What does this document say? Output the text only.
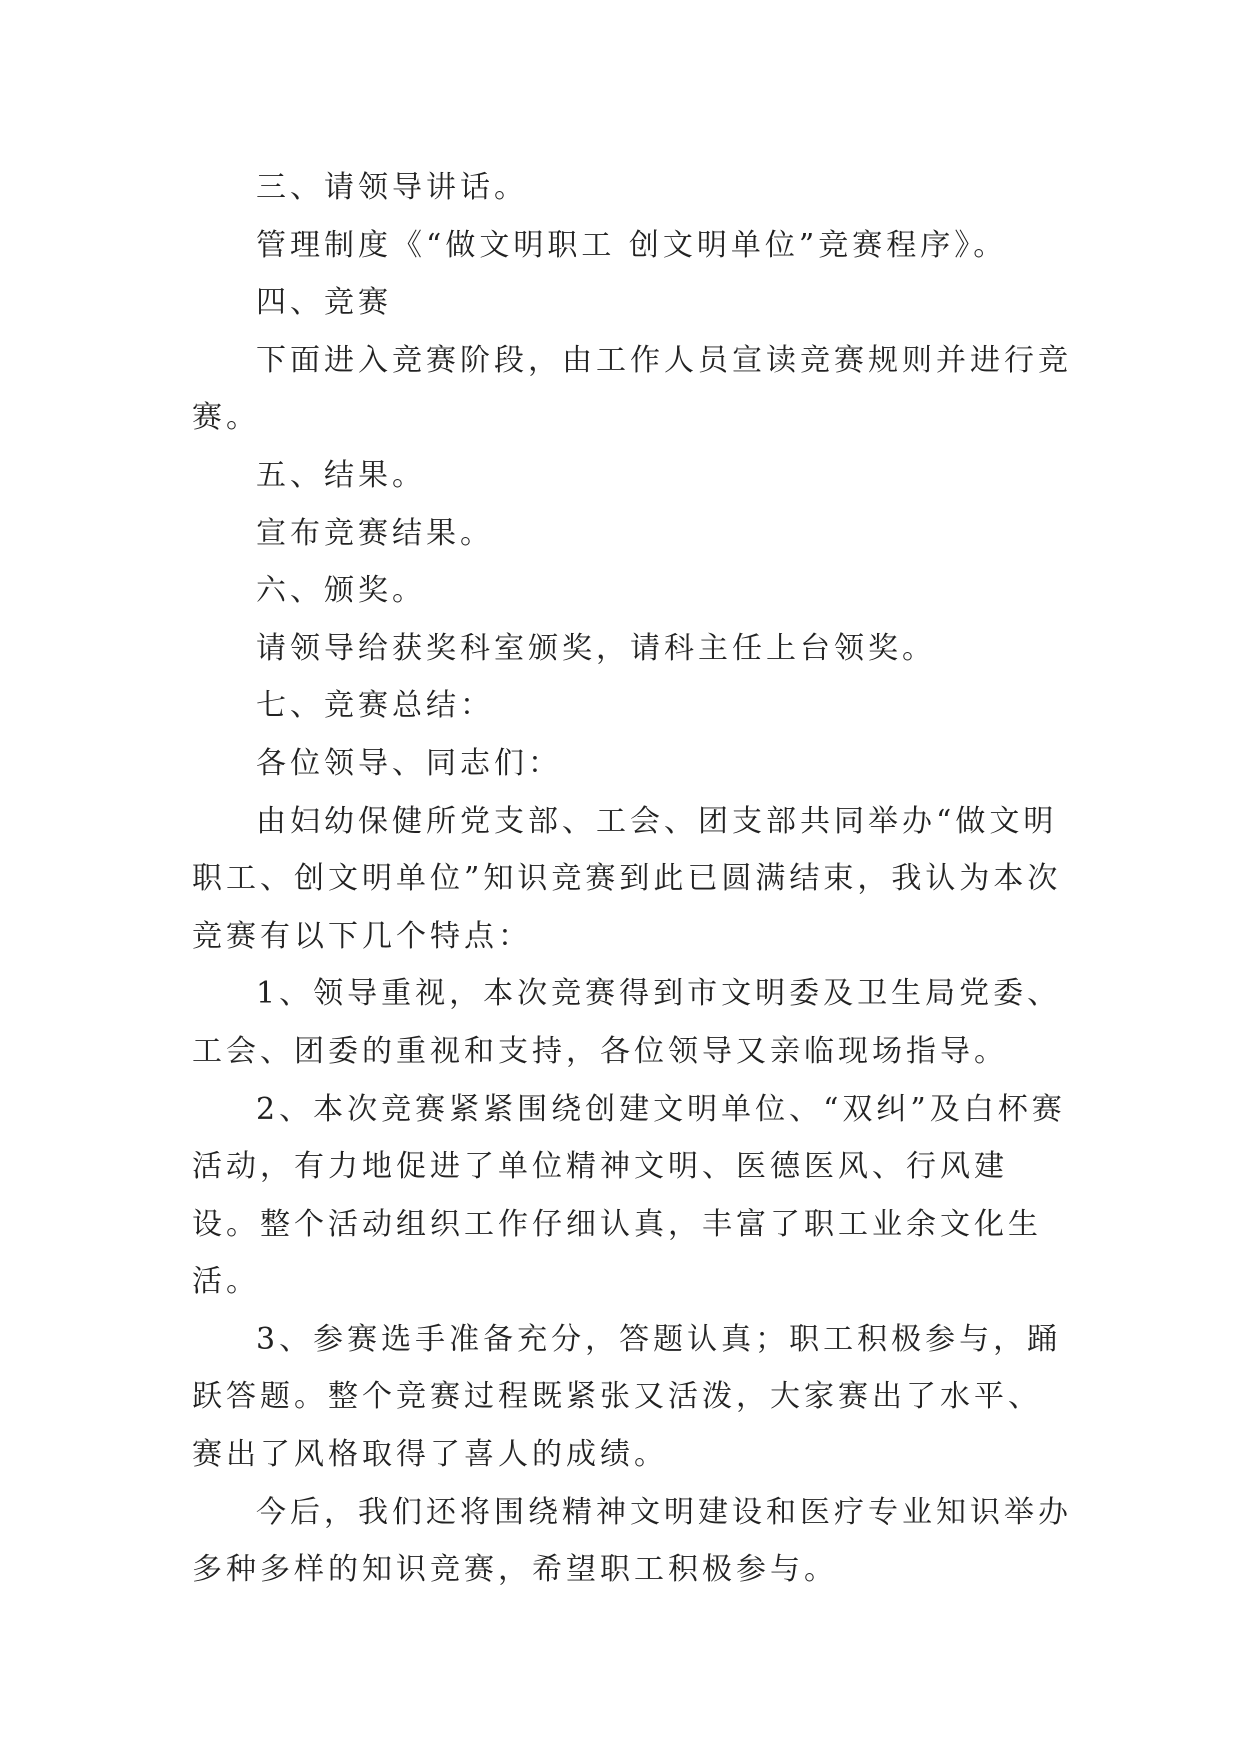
三、请领导讲话。

管理制度《“做文明职工 创文明单位”竞赛程序》。

四、竞赛

下面进入竞赛阶段，由工作人员宣读竞赛规则并进行竞赛。

五、结果。

宣布竞赛结果。

六、颁奖。

请领导给获奖科室颁奖，请科主任上台领奖。

七、竞赛总结：

各位领导、同志们：

由妇幼保健所党支部、工会、团支部共同举办“做文明职工、创文明单位”知识竞赛到此已圆满结束，我认为本次竞赛有以下几个特点：

1、领导重视，本次竞赛得到市文明委及卫生局党委、工会、团委的重视和支持，各位领导又亲临现场指导。

2、本次竞赛紧紧围绕创建文明单位、“双纠”及白杯赛活动，有力地促进了单位精神文明、医德医风、行风建设。整个活动组织工作仔细认真，丰富了职工业余文化生活。

3、参赛选手准备充分，答题认真；职工积极参与，踊跃答题。整个竞赛过程既紧张又活泼，大家赛出了水平、赛出了风格取得了喜人的成绩。

今后，我们还将围绕精神文明建设和医疗专业知识举办多种多样的知识竞赛，希望职工积极参与。
